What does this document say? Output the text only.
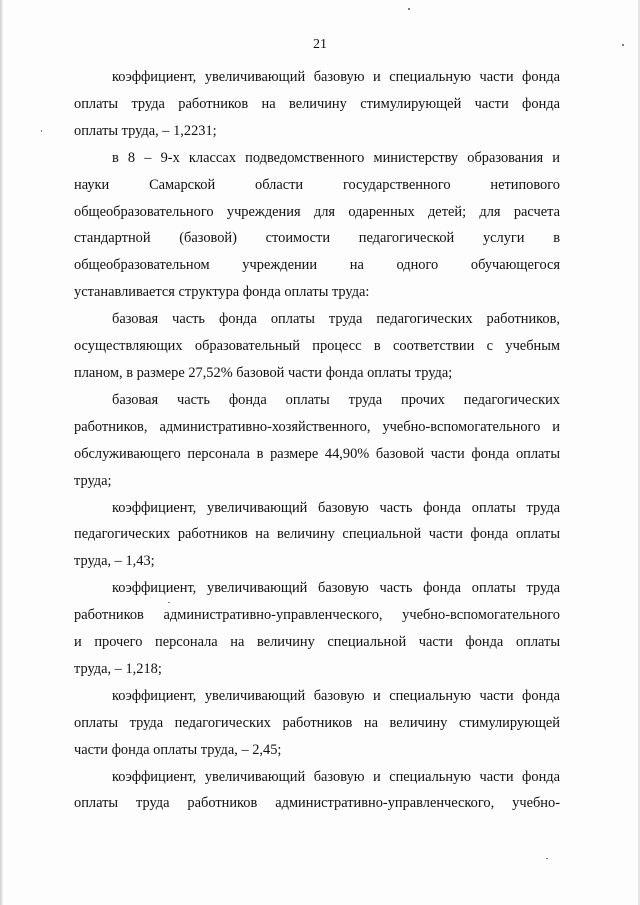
21

коэффициент, увеличивающий базовую и специальную части фонда
оплаты труда работников на величину стимулирующей части фонда
оплаты труда, – 1,2231;

в 8 – 9-х классах подведомственного министерству образования и
науки Самарской области государственного нетипового
общеобразовательного учреждения для одаренных детей; для расчета
стандартной (базовой) стоимости педагогической услуги в
общеобразовательном учреждении на одного обучающегося
устанавливается структура фонда оплаты труда:

базовая часть фонда оплаты труда педагогических работников,
осуществляющих образовательный процесс в соответствии с учебным
планом, в размере 27,52% базовой части фонда оплаты труда;

базовая часть фонда оплаты труда прочих педагогических
работников, административно-хозяйственного, учебно-вспомогательного и
обслуживающего персонала в размере 44,90% базовой части фонда оплаты
труда;

коэффициент, увеличивающий базовую часть фонда оплаты труда
педагогических работников на величину специальной части фонда оплаты
труда, – 1,43;

коэффициент, увеличивающий базовую часть фонда оплаты труда
работников административно-управленческого, учебно-вспомогательного
и прочего персонала на величину специальной части фонда оплаты
труда, – 1,218;

коэффициент, увеличивающий базовую и специальную части фонда
оплаты труда педагогических работников на величину стимулирующей
части фонда оплаты труда, – 2,45;

коэффициент, увеличивающий базовую и специальную части фонда
оплаты труда работников административно-управленческого, учебно-
